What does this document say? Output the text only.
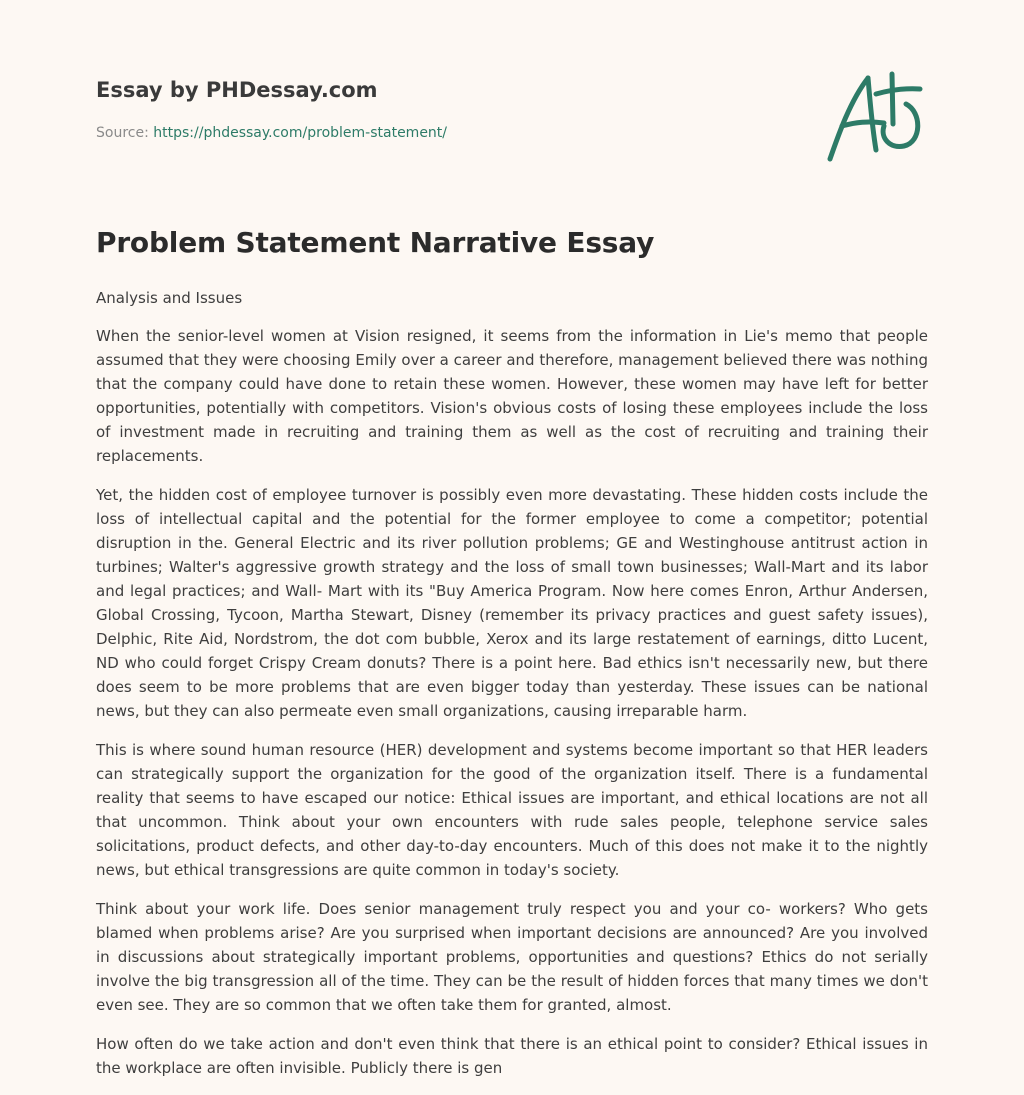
Essay by PHDessay.com
Source: https://phdessay.com/problem-statement/
Problem Statement Narrative Essay

Analysis and Issues

When the senior-level women at Vision resigned, it seems from the information in Lie's memo that people assumed that they were choosing Emily over a career and therefore, management believed there was nothing that the company could have done to retain these women. However, these women may have left for better opportunities, potentially with competitors. Vision's obvious costs of losing these employees include the loss of investment made in recruiting and training them as well as the cost of recruiting and training their replacements.

Yet, the hidden cost of employee turnover is possibly even more devastating. These hidden costs include the loss of intellectual capital and the potential for the former employee to come a competitor; potential disruption in the. General Electric and its river pollution problems; GE and Westinghouse antitrust action in turbines; Walter's aggressive growth strategy and the loss of small town businesses; Wall-Mart and its labor and legal practices; and Wall- Mart with its "Buy America Program. Now here comes Enron, Arthur Andersen, Global Crossing, Tycoon, Martha Stewart, Disney (remember its privacy practices and guest safety issues), Delphic, Rite Aid, Nordstrom, the dot com bubble, Xerox and its large restatement of earnings, ditto Lucent, ND who could forget Crispy Cream donuts? There is a point here. Bad ethics isn't necessarily new, but there does seem to be more problems that are even bigger today than yesterday. These issues can be national news, but they can also permeate even small organizations, causing irreparable harm.

This is where sound human resource (HER) development and systems become important so that HER leaders can strategically support the organization for the good of the organization itself. There is a fundamental reality that seems to have escaped our notice: Ethical issues are important, and ethical locations are not all that uncommon. Think about your own encounters with rude sales people, telephone service sales solicitations, product defects, and other day-to-day encounters. Much of this does not make it to the nightly news, but ethical transgressions are quite common in today's society.

Think about your work life. Does senior management truly respect you and your co- workers? Who gets blamed when problems arise? Are you surprised when important decisions are announced? Are you involved in discussions about strategically important problems, opportunities and questions? Ethics do not serially involve the big transgression all of the time. They can be the result of hidden forces that many times we don't even see. They are so common that we often take them for granted, almost.

How often do we take action and don't even think that there is an ethical point to consider? Ethical issues in the workplace are often invisible. Publicly there is gen
